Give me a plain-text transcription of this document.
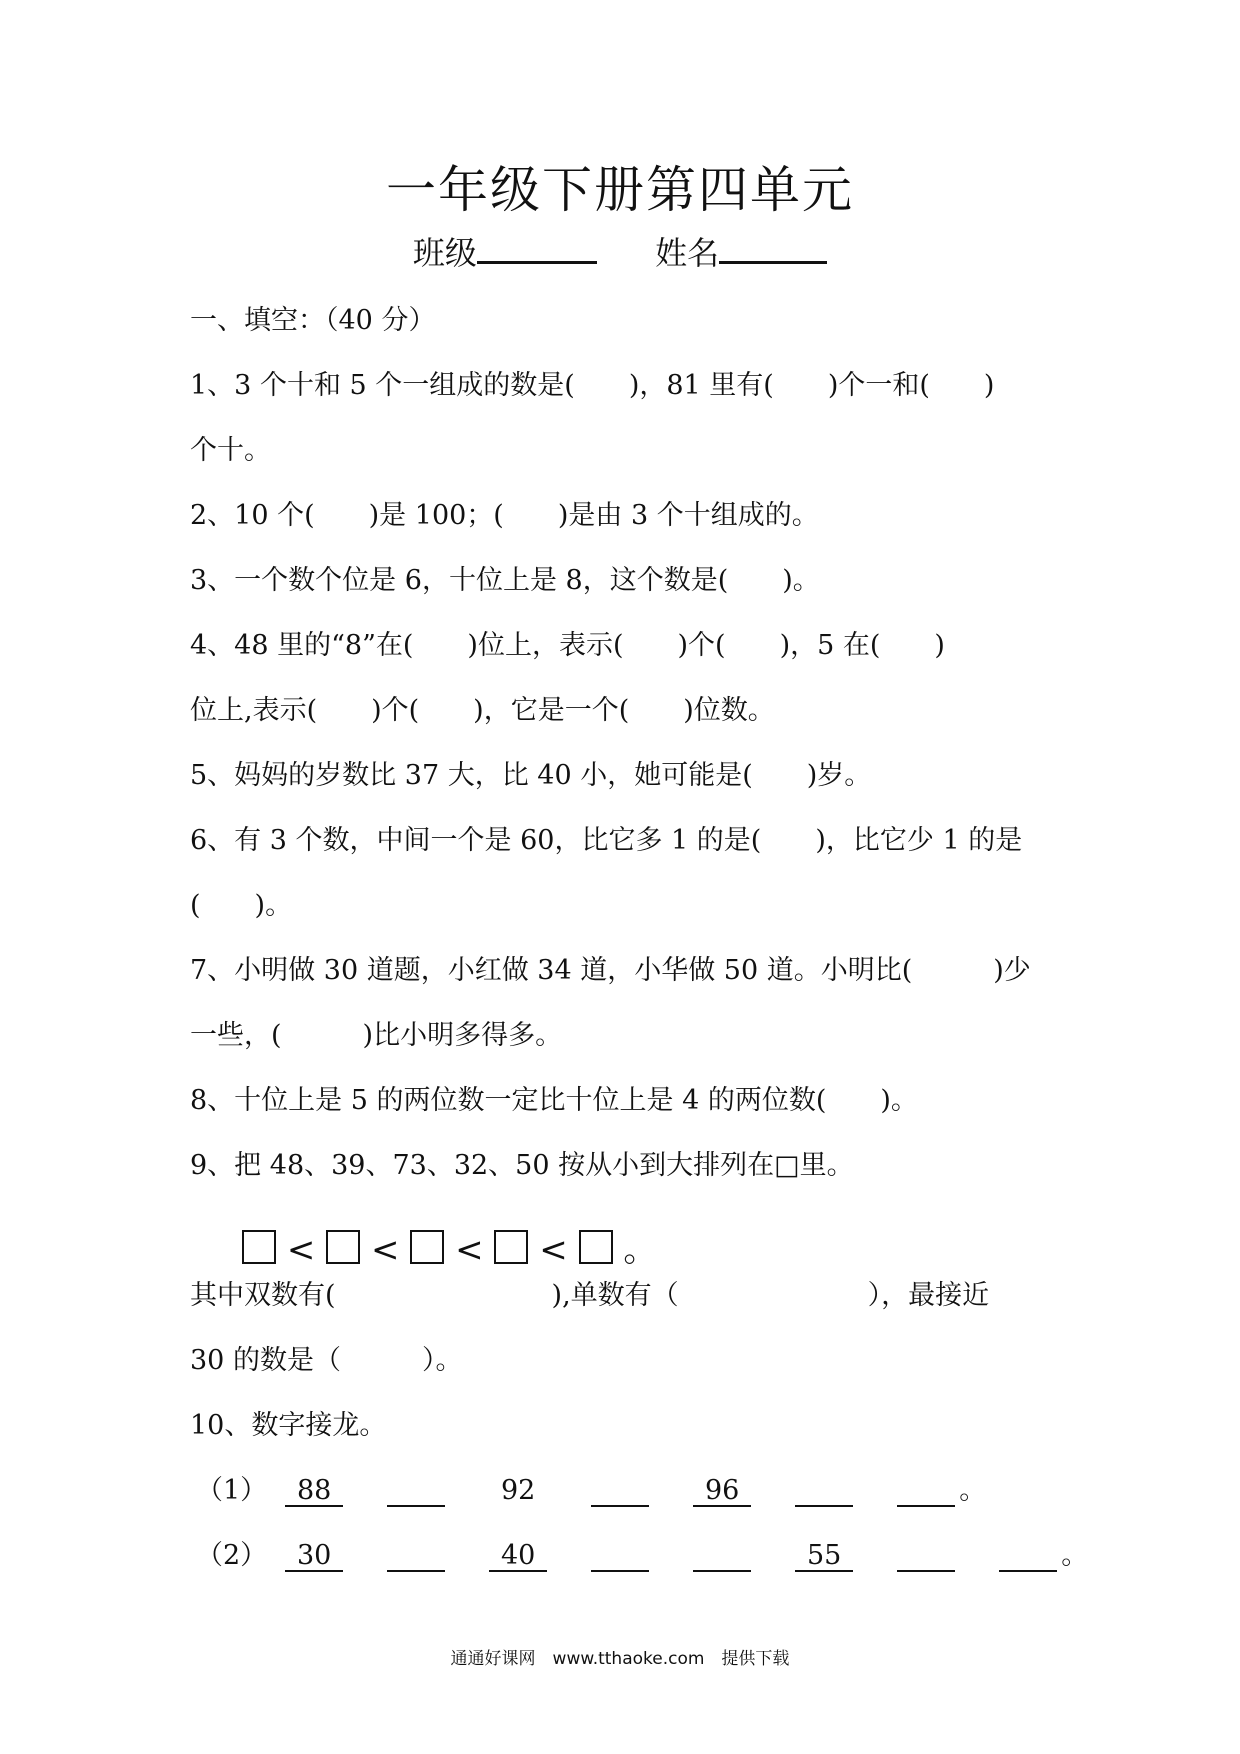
一年级下册第四单元
班级	姓名
一、填空：（40 分）
1、3 个十和 5 个一组成的数是(　　)，81 里有(　　)个一和(　　)
个十。
2、10 个(　　)是 100；(　　)是由 3 个十组成的。
3、一个数个位是 6，十位上是 8，这个数是(　　)。
4、48 里的“8”在(　　)位上，表示(　　)个(　　)，5 在(　　)
位上,表示(　　)个(　　)，它是一个(　　)位数。
5、妈妈的岁数比 37 大，比 40 小，她可能是(　　)岁。
6、有 3 个数，中间一个是 60，比它多 1 的是(　　)，比它少 1 的是
(　　)。
7、小明做 30 道题，小红做 34 道，小华做 50 道。小明比(　　　)少
一些，(　　　)比小明多得多。
8、十位上是 5 的两位数一定比十位上是 4 的两位数(　　)。
9、把 48、39、73、32、50 按从小到大排列在□里。
< < < < 。
其中双数有(　　　　　　　　),单数有（　　　　　　　），最接近
30 的数是（　　　）。
10、数字接龙。
（1） 88	92	96	。
（2） 30	40	55	。
通通好课网　www.tthaoke.com　提供下载
